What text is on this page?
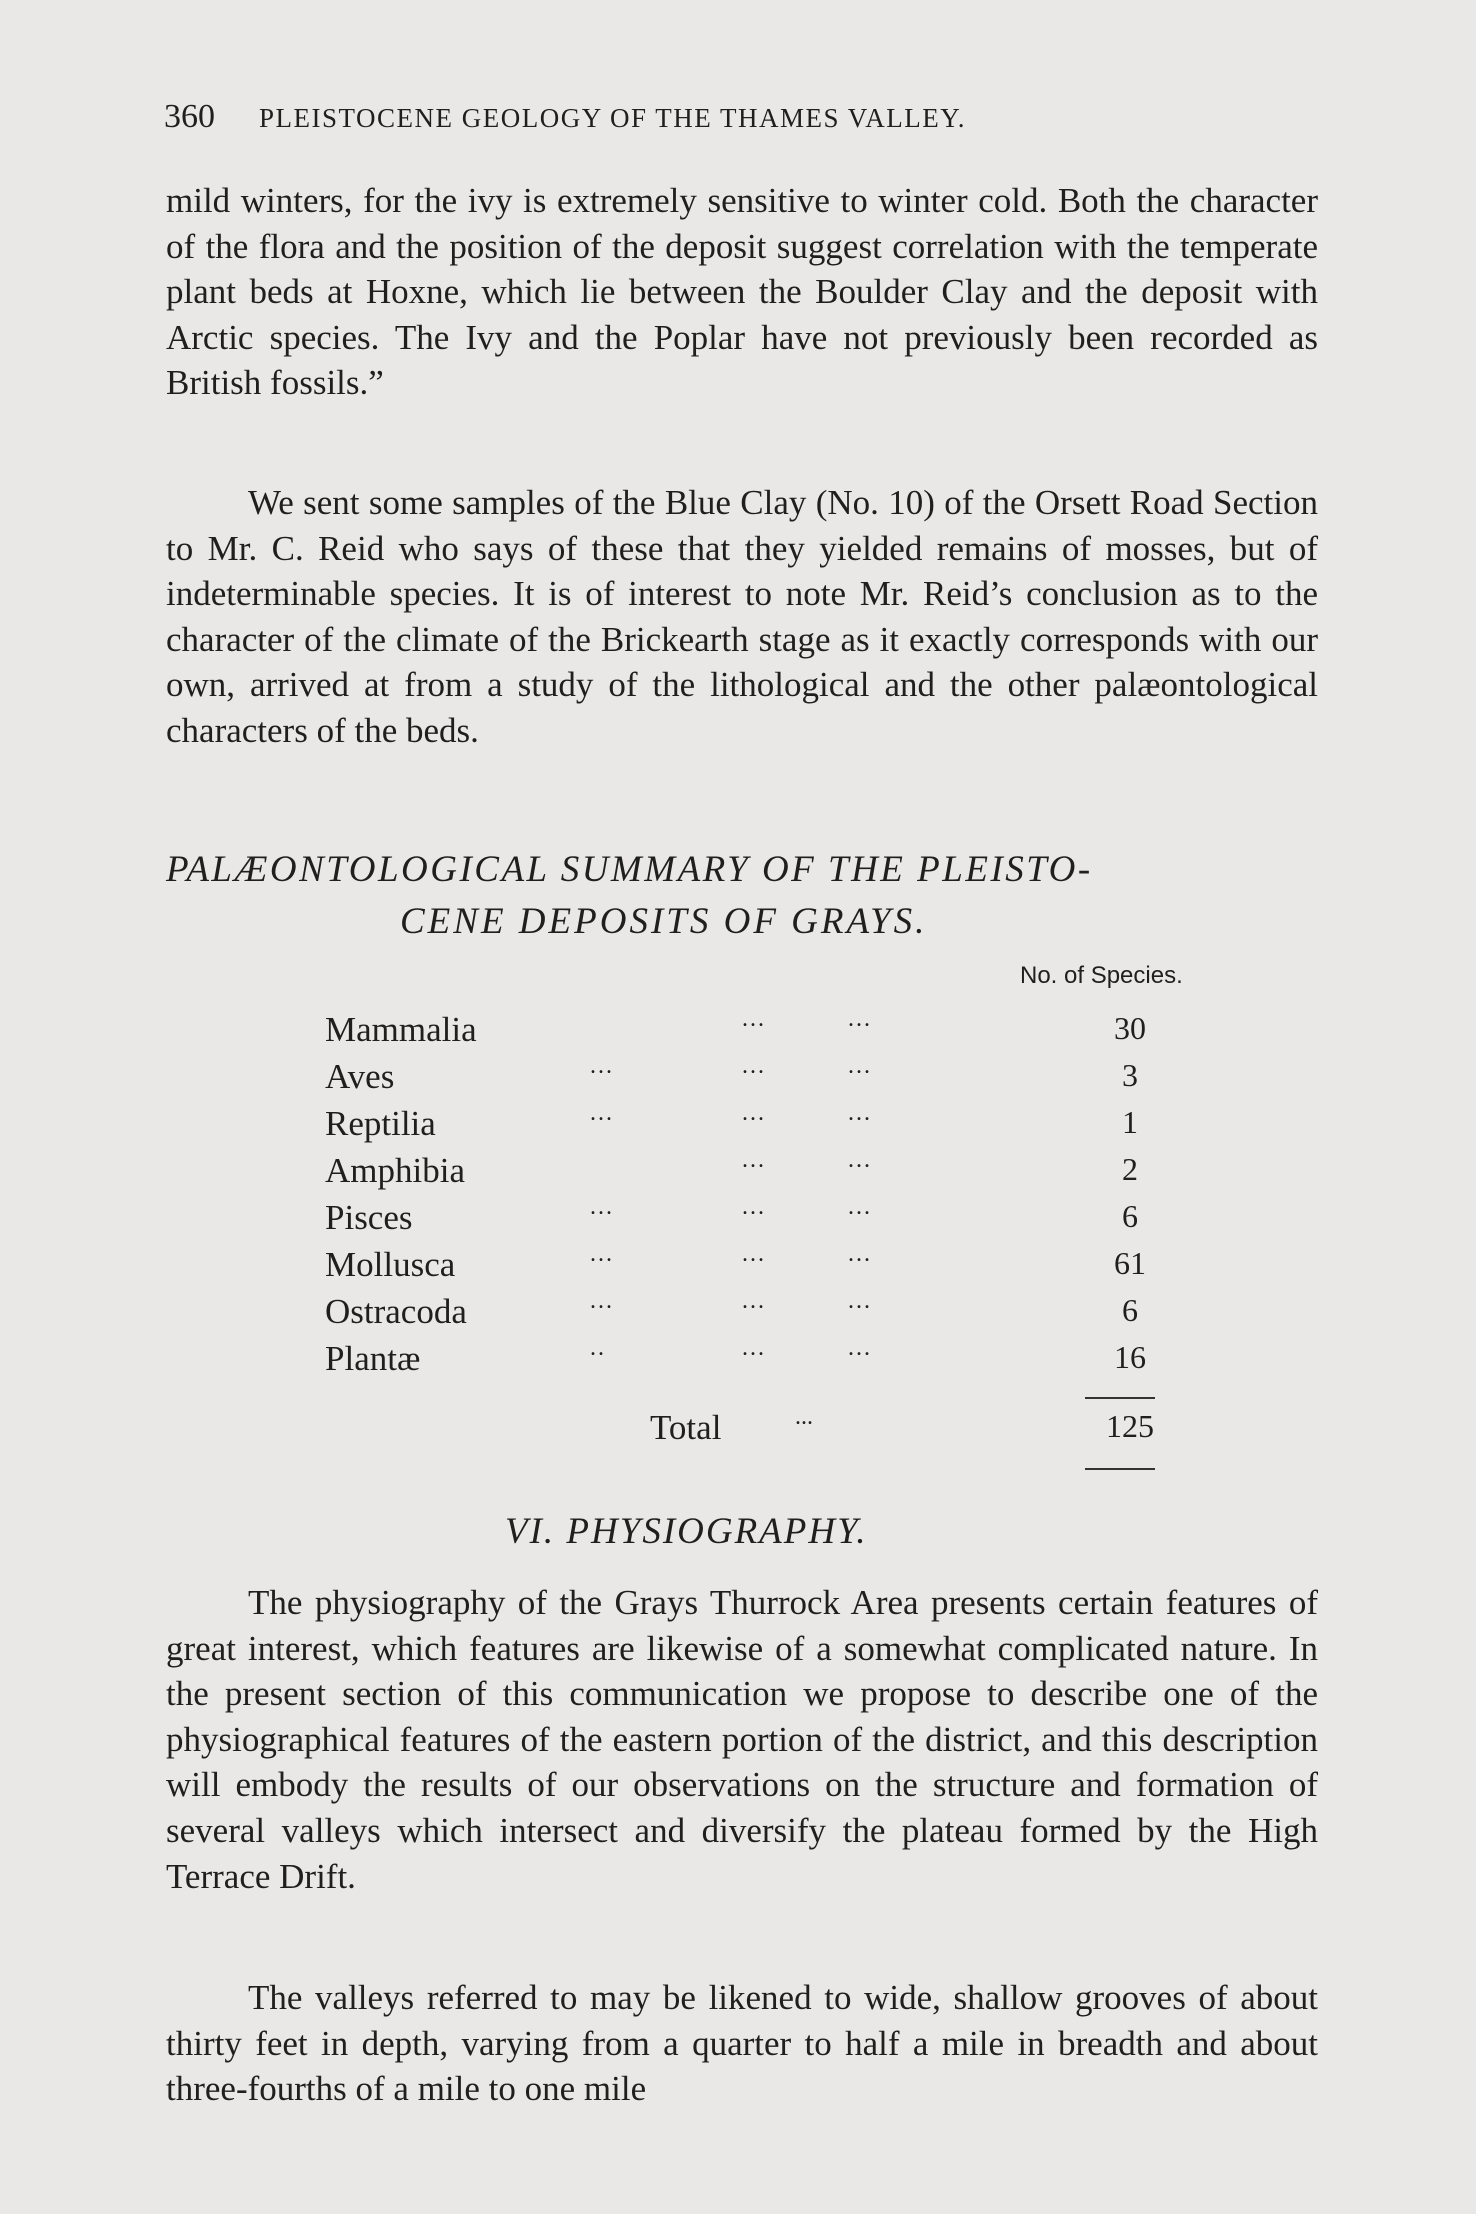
360 PLEISTOCENE GEOLOGY OF THE THAMES VALLEY.

mild winters, for the ivy is extremely sensitive to winter cold. Both the character of the flora and the position of the deposit suggest correlation with the temperate plant beds at Hoxne, which lie between the Boulder Clay and the deposit with Arctic species. The Ivy and the Poplar have not previously been recorded as British fossils.”

We sent some samples of the Blue Clay (No. 10) of the Orsett Road Section to Mr. C. Reid who says of these that they yielded remains of mosses, but of indeterminable species. It is of interest to note Mr. Reid’s conclusion as to the character of the climate of the Brickearth stage as it exactly corresponds with our own, arrived at from a study of the lithological and the other palæontological characters of the beds.

PALÆONTOLOGICAL SUMMARY OF THE PLEISTO-
CENE DEPOSITS OF GRAYS.
No. of Species.
Mammalia	...	...	30
Aves	...	...	...	3
Reptilia	...	...	...	1
Amphibia	...	...	2
Pisces	...	...	...	6
Mollusca	...	...	...	61
Ostracoda	...	...	...	6
Plantæ	..	...	...	16
Total	...	125
VI. PHYSIOGRAPHY.

The physiography of the Grays Thurrock Area presents certain features of great interest, which features are likewise of a somewhat complicated nature. In the present section of this communication we propose to describe one of the physiographical features of the eastern portion of the district, and this description will embody the results of our observations on the structure and formation of several valleys which intersect and diversify the plateau formed by the High Terrace Drift.

The valleys referred to may be likened to wide, shallow grooves of about thirty feet in depth, varying from a quarter to half a mile in breadth and about three-fourths of a mile to one mile
